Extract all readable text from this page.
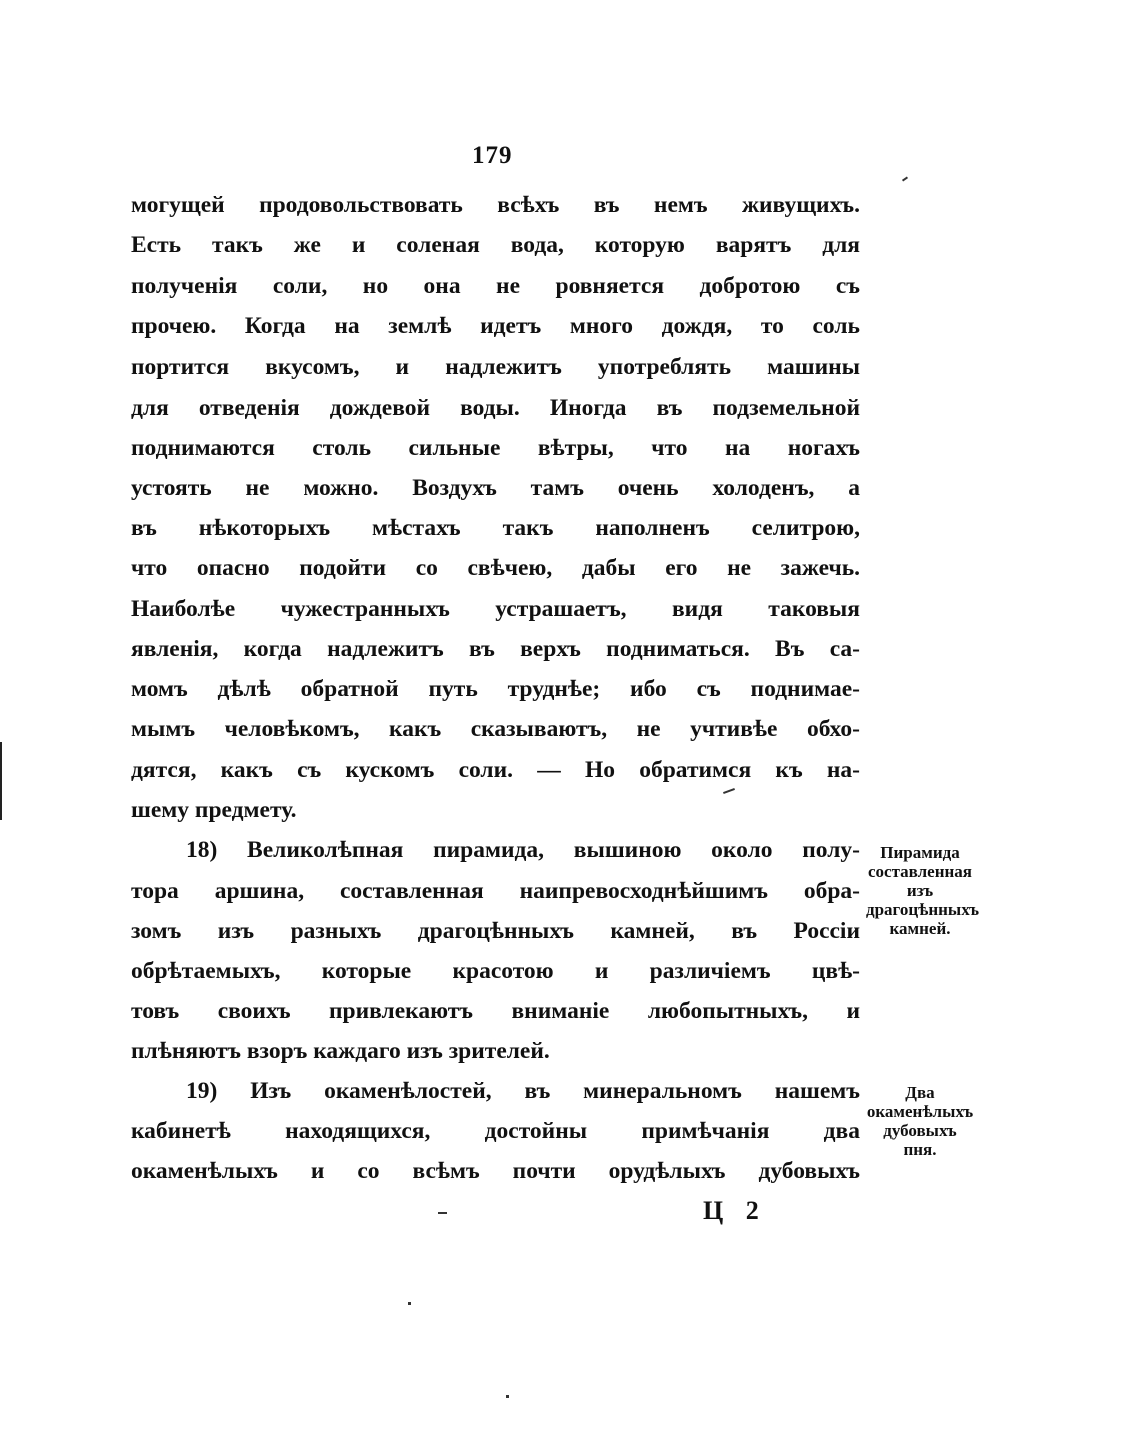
179
могущей продовольствовать всѣхъ въ немъ живущихъ.
Есть такъ же и соленая вода, которую варятъ для
полученія соли, но она не ровняется добротою съ
прочею. Когда на землѣ идетъ много дождя, то соль
портится вкусомъ, и надлежитъ употреблять машины
для отведенія дождевой воды. Иногда въ подземельной
поднимаются столь сильные вѣтры, что на ногахъ
устоять не можно. Воздухъ тамъ очень холоденъ, а
въ нѣкоторыхъ мѣстахъ такъ наполненъ селитрою,
что опасно подойти со свѣчею, дабы его не зажечь.
Наиболѣе чужестранныхъ устрашаетъ, видя таковыя
явленія, когда надлежитъ въ верхъ подниматься. Въ са-
момъ дѣлѣ обратной путь труднѣе; ибо съ поднимае-
мымъ человѣкомъ, какъ сказываютъ, не учтивѣе обхо-
дятся, какъ съ кускомъ соли. — Но обратимся къ на-
шему предмету.
18) Великолѣпная пирамида, вышиною около полу-
тора аршина, составленная наипревосходнѣйшимъ обра-
зомъ изъ разныхъ драгоцѣнныхъ камней, въ Россіи
обрѣтаемыхъ, которые красотою и различіемъ цвѣ-
товъ своихъ привлекаютъ вниманіе любопытныхъ, и
плѣняютъ взоръ каждаго изъ зрителей.
19) Изъ окаменѣлостей, въ минеральномъ нашемъ
кабинетѣ находящихся, достойны примѣчанія два
окаменѣлыхъ и со всѣмъ почти орудѣлыхъ дубовыхъ
Пирамида составленная изъ драгоцѣнныхъ камней.
Два окаменѣлыхъ дубовыхъ пня.
Ц 2
